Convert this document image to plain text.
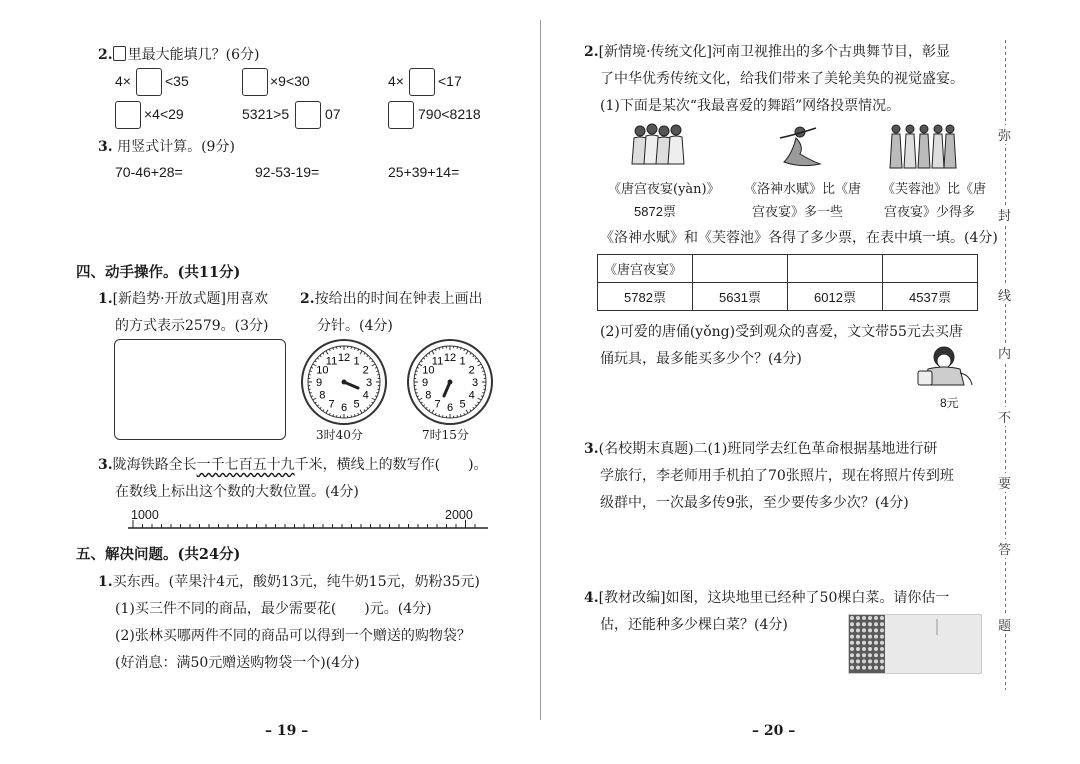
2. 里最大能填几？(6分)
4× <35	×9<30	4× <17
×4<29	5321>5	07	790<8218
3. 用竖式计算。(9分)
70-46+28=	92-53-19=	25+39+14=
四、动手操作。(共11分)
1.[新趋势·开放式题]用喜欢
的方式表示2579。(3分)
2.按给出的时间在钟表上画出
分针。(4分)
12 1
2
3
4
5
6
7
8
9
10
11
3时40分
12 1
2
3
4
5
6
7
8
9
10
11
7时15分
3.陇海铁路全长一千七百五十九千米，横线上的数写作(　　)。
在数线上标出这个数的大数位置。(4分)
1000	2000
五、解决问题。(共24分)
1.买东西。(苹果汁4元，酸奶13元，纯牛奶15元，奶粉35元)
(1)买三件不同的商品，最少需要花(　　)元。(4分)
(2)张林买哪两件不同的商品可以得到一个赠送的购物袋？
(好消息：满50元赠送购物袋一个)(4分)
– 19 –
2.[新情境·传统文化]河南卫视推出的多个古典舞节目，彰显
了中华优秀传统文化，给我们带来了美轮美奂的视觉盛宴。
(1)下面是某次“我最喜爱的舞蹈”网络投票情况。
《唐宫夜宴(yàn)》
5872票
《洛神水赋》比《唐
宫夜宴》多一些
《芙蓉池》比《唐
宫夜宴》少得多
《洛神水赋》和《芙蓉池》各得了多少票，在表中填一填。(4分)
《唐宫夜宴》			
5782票	5631票	6012票	4537票
(2)可爱的唐俑(yǒng)受到观众的喜爱，文文带55元去买唐
俑玩具，最多能买多少个？(4分)
8元
3.(名校期末真题)二(1)班同学去红色革命根据基地进行研
学旅行，李老师用手机拍了70张照片，现在将照片传到班
级群中，一次最多传9张，至少要传多少次？(4分)
4.[教材改编]如图，这块地里已经种了50棵白菜。请你估一
估，还能种多少棵白菜？(4分)
弥
封
线
内
不
要
答
题
– 20 –
